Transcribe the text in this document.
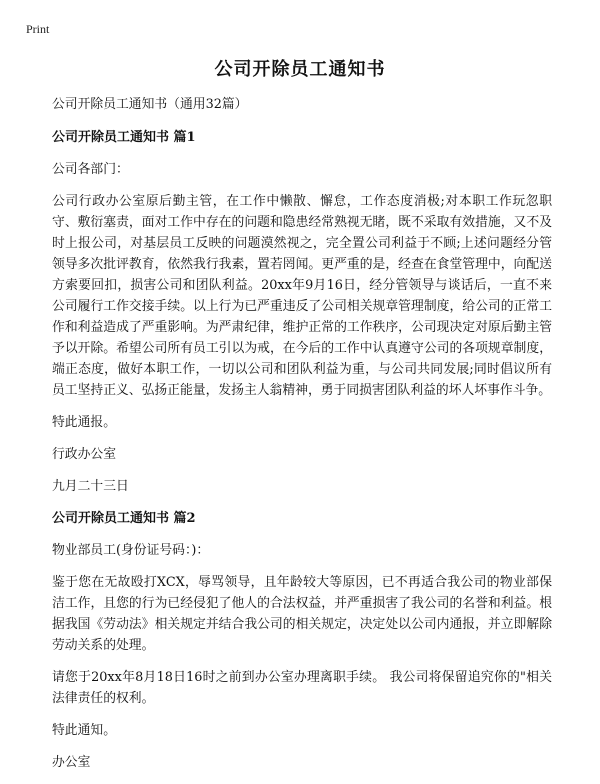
Print
公司开除员工通知书

公司开除员工通知书（通用32篇）

公司开除员工通知书 篇1

公司各部门：

公司行政办公室原后勤主管，在工作中懒散、懈怠，工作态度消极;对本职工作玩忽职守、敷衍塞责，面对工作中存在的问题和隐患经常熟视无睹，既不采取有效措施，又不及时上报公司，对基层员工反映的问题漠然视之，完全置公司利益于不顾;上述问题经分管领导多次批评教育，依然我行我素，置若罔闻。更严重的是，经查在食堂管理中，向配送方索要回扣，损害公司和团队利益。20xx年9月16日，经分管领导与谈话后，一直不来公司履行工作交接手续。以上行为已严重违反了公司相关规章管理制度，给公司的正常工作和利益造成了严重影响。为严肃纪律，维护正常的工作秩序，公司现决定对原后勤主管予以开除。希望公司所有员工引以为戒，在今后的工作中认真遵守公司的各项规章制度，端正态度，做好本职工作，一切以公司和团队利益为重，与公司共同发展;同时倡议所有员工坚持正义、弘扬正能量，发扬主人翁精神，勇于同损害团队利益的坏人坏事作斗争。

特此通报。

行政办公室

九月二十三日

公司开除员工通知书 篇2

物业部员工(身份证号码：)：

鉴于您在无故殴打XCX，辱骂领导，且年龄较大等原因，已不再适合我公司的物业部保洁工作，且您的行为已经侵犯了他人的合法权益，并严重损害了我公司的名誉和利益。根据我国《劳动法》相关规定并结合我公司的相关规定，决定处以公司内通报，并立即解除劳动关系的处理。

请您于20xx年8月18日16时之前到办公室办理离职手续。 我公司将保留追究你的"相关法律责任的权利。

特此通知。

办公室
